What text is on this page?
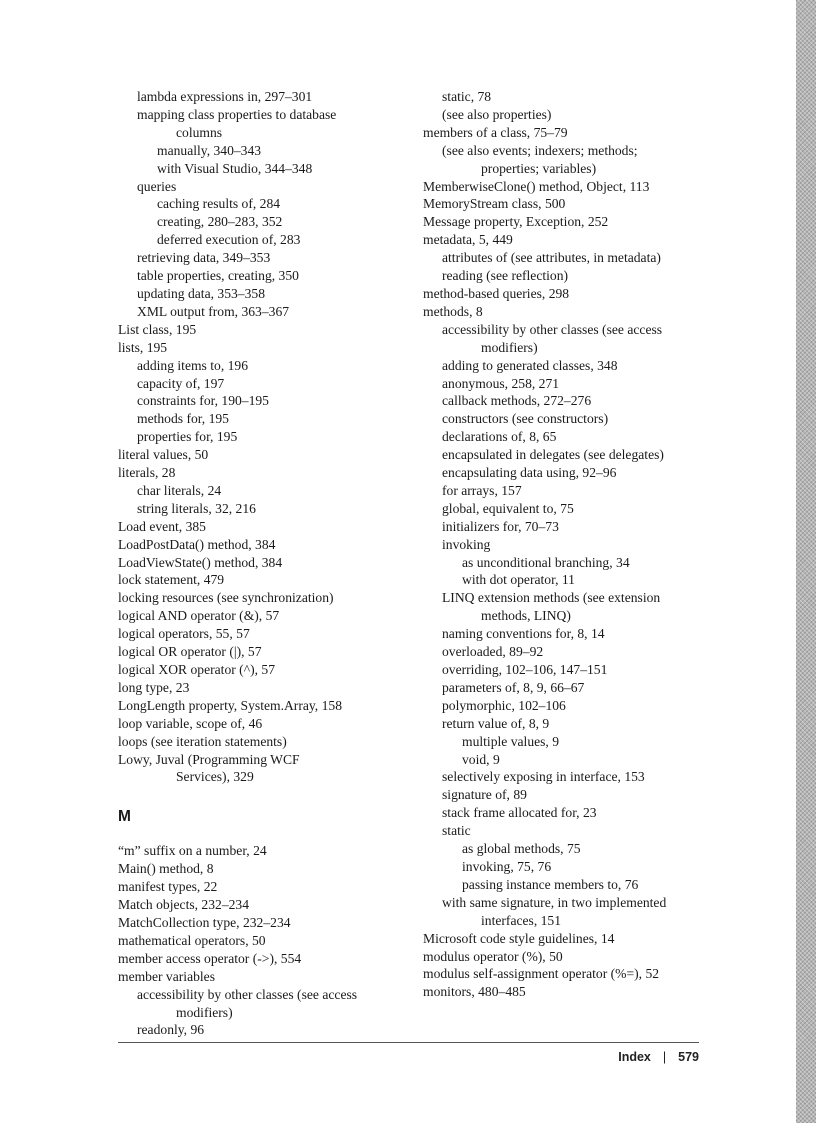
lambda expressions in, 297–301
mapping class properties to database
columns
manually, 340–343
with Visual Studio, 344–348
queries
caching results of, 284
creating, 280–283, 352
deferred execution of, 283
retrieving data, 349–353
table properties, creating, 350
updating data, 353–358
XML output from, 363–367
List class, 195
lists, 195
adding items to, 196
capacity of, 197
constraints for, 190–195
methods for, 195
properties for, 195
literal values, 50
literals, 28
char literals, 24
string literals, 32, 216
Load event, 385
LoadPostData() method, 384
LoadViewState() method, 384
lock statement, 479
locking resources (see synchronization)
logical AND operator (&), 57
logical operators, 55, 57
logical OR operator (|), 57
logical XOR operator (^), 57
long type, 23
LongLength property, System.Array, 158
loop variable, scope of, 46
loops (see iteration statements)
Lowy, Juval (Programming WCF
Services), 329
M
“m” suffix on a number, 24
Main() method, 8
manifest types, 22
Match objects, 232–234
MatchCollection type, 232–234
mathematical operators, 50
member access operator (->), 554
member variables
accessibility by other classes (see access
modifiers)
readonly, 96
static, 78
(see also properties)
members of a class, 75–79
(see also events; indexers; methods;
properties; variables)
MemberwiseClone() method, Object, 113
MemoryStream class, 500
Message property, Exception, 252
metadata, 5, 449
attributes of (see attributes, in metadata)
reading (see reflection)
method-based queries, 298
methods, 8
accessibility by other classes (see access
modifiers)
adding to generated classes, 348
anonymous, 258, 271
callback methods, 272–276
constructors (see constructors)
declarations of, 8, 65
encapsulated in delegates (see delegates)
encapsulating data using, 92–96
for arrays, 157
global, equivalent to, 75
initializers for, 70–73
invoking
as unconditional branching, 34
with dot operator, 11
LINQ extension methods (see extension
methods, LINQ)
naming conventions for, 8, 14
overloaded, 89–92
overriding, 102–106, 147–151
parameters of, 8, 9, 66–67
polymorphic, 102–106
return value of, 8, 9
multiple values, 9
void, 9
selectively exposing in interface, 153
signature of, 89
stack frame allocated for, 23
static
as global methods, 75
invoking, 75, 76
passing instance members to, 76
with same signature, in two implemented
interfaces, 151
Microsoft code style guidelines, 14
modulus operator (%), 50
modulus self-assignment operator (%=), 52
monitors, 480–485
Index | 579
